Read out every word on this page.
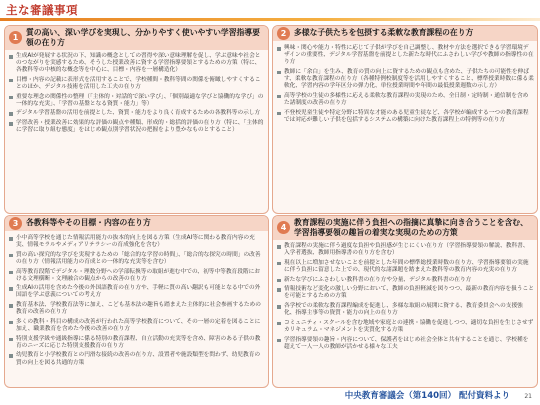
主な審議事項
1
質の高い、深い学びを実現し、分かりやすく使いやすい学習指導要領の在り方
生成AIが発展する状況の下、知識の概念としての習得や深い意味理解を促し、学ぶ意味や社会とのつながりを実感するため、そうした授業改善に資する学習指導要領とするための方策（特に、各教科等の中核的な概念等を中心に、目標・内容を一層構造化）
目標・内容の記載に表形式を活用することで、学校種間・教科等間の関係を俯瞰しやすくすることのほか、デジタル技術を活用した工夫の在り方
重要な理念の関係性の整理（「主体的・対話的で深い学び」、「個別最適な学びと協働的な学び」の一体的な充実」、「学習の基盤となる資質・能力」等）
デジタル学習基盤の活用を前提とした、資質・能力をより良く育成するための各教科等の示し方
学習改善・授業改善に効果的な評価の観点や種類、形成的・総括的評価の在り方（特に、「主体的に学習に取り組む態度」をはじめ観点別学習状況の把握をより豊かなものとすること）
2 多様な子供たちを包摂する柔軟な教育課程の在り方
興味・関心や能力・特性に応じて子供が学びを自己調整し、教材や方法を選択できる学習環境デザインの重要性、デジタル学習基盤を前提とした新たな時代にふさわしい学びや教師の指導性の在り方
教師に「余白」を生み、教育の質の向上に資するための観点も含めた、子供たちの可能性を伸ばす、柔軟な教育課程の在り方（各種特例校制度等を活用しやすくすること、標準授業時数に係る柔軟化、学習内容の学年区分の弾力化、単位授業時間や年間の最低授業週数の示し方）
高等学校の生徒の多様性に応える柔軟な教育課程の実現のため、全日制・定時制・通信制を含めた諸制度の改善の在り方
不登校児童生徒や特定分野に特異な才能のある児童生徒など、各学校が編成する一つの教育課程では対応が難しい子供を包括するシステムの構築に向けた教育課程上の特例等の在り方
3 各教科等やその目標・内容の在り方
小中高等学校を通じた情報活用能力の抜本的向上を図る方策（生成AI等に関わる教育内容の充実、情報モラルやメディアリテラシーの育成強化を含む）
質の高い探究的な学びを実現するための「総合的な学習の時間」、「総合的な探究の時間」の改善の在り方（情報活用能力の育成との一体的な充実等を含む）
高等教育段階でデジタル・理数分野への学部転換等の取組が進む中での、初等中等教育段階における文理横断・文理融合の観点からの改善の在り方
生成AIの活用を含めた今後の外国語教育の在り方や、手軽に質の高い翻訳も可能となる中での外国語を学ぶ意義についての考え方
教育基本法、学校教育法等に加え、こども基本法の趣旨も踏まえた主体的に社会参画するための教育の改善の在り方
多くの教科・科目の構成の改善が行われた高等学校教育について、その一層の定着を図ることに加え、職業教育を含めた今後の改善の在り方
特別支援学級や通級指導に係る特別の教育課程、自立活動の充実等を含め、障害のある子供の教育のニーズに応じた特別支援教育の在り方
幼児教育と小学校教育との円滑な接続の改善の在り方、設置者や施設類型を問わず、幼児教育の質の向上を図る共通的方策
4
教育課程の実施に伴う負担への指摘に真摯に向き合うことを含む、学習指導要領の趣旨の着実な実現のための方策
教育課程の実施に伴う過度な負担や負担感が生じにくい在り方（学習指導要領の解説、教科書、入学者選抜、教師用指導書の在り方を含む）
現在以上に増加させないことを前提とした年間の標準総授業時数の在り方、学習指導要領の実施に伴う負担に留意した上での、現代的な諸課題を踏まえた教科等の教育内容の充実の在り方
新たな学びにふさわしい教科書の在り方や分量、デジタル教科書の在り方
情報技術など変化の激しい分野において、教師の負担軽減を図りつつ、最新の教育内容を扱うことを可能とするための方策
各学校での柔軟な教育課程編成を促進し、多様な取組の展開に資する、教育委員会への支援強化、指導主事等の資質・能力の向上の在り方
コミュニティ・スクールを含む地域や家庭との連携・協働を促進しつつ、適切な負担を生じさせずカリキュラム・マネジメントを実質化する方策
学習指導要領の趣旨・内容について、保護者をはじめ社会全体と共有することを通じ、学校種を超えて一人一人の教師が活かせる様々な工夫
中央教育審議会（第140回） 配付資料より 21
